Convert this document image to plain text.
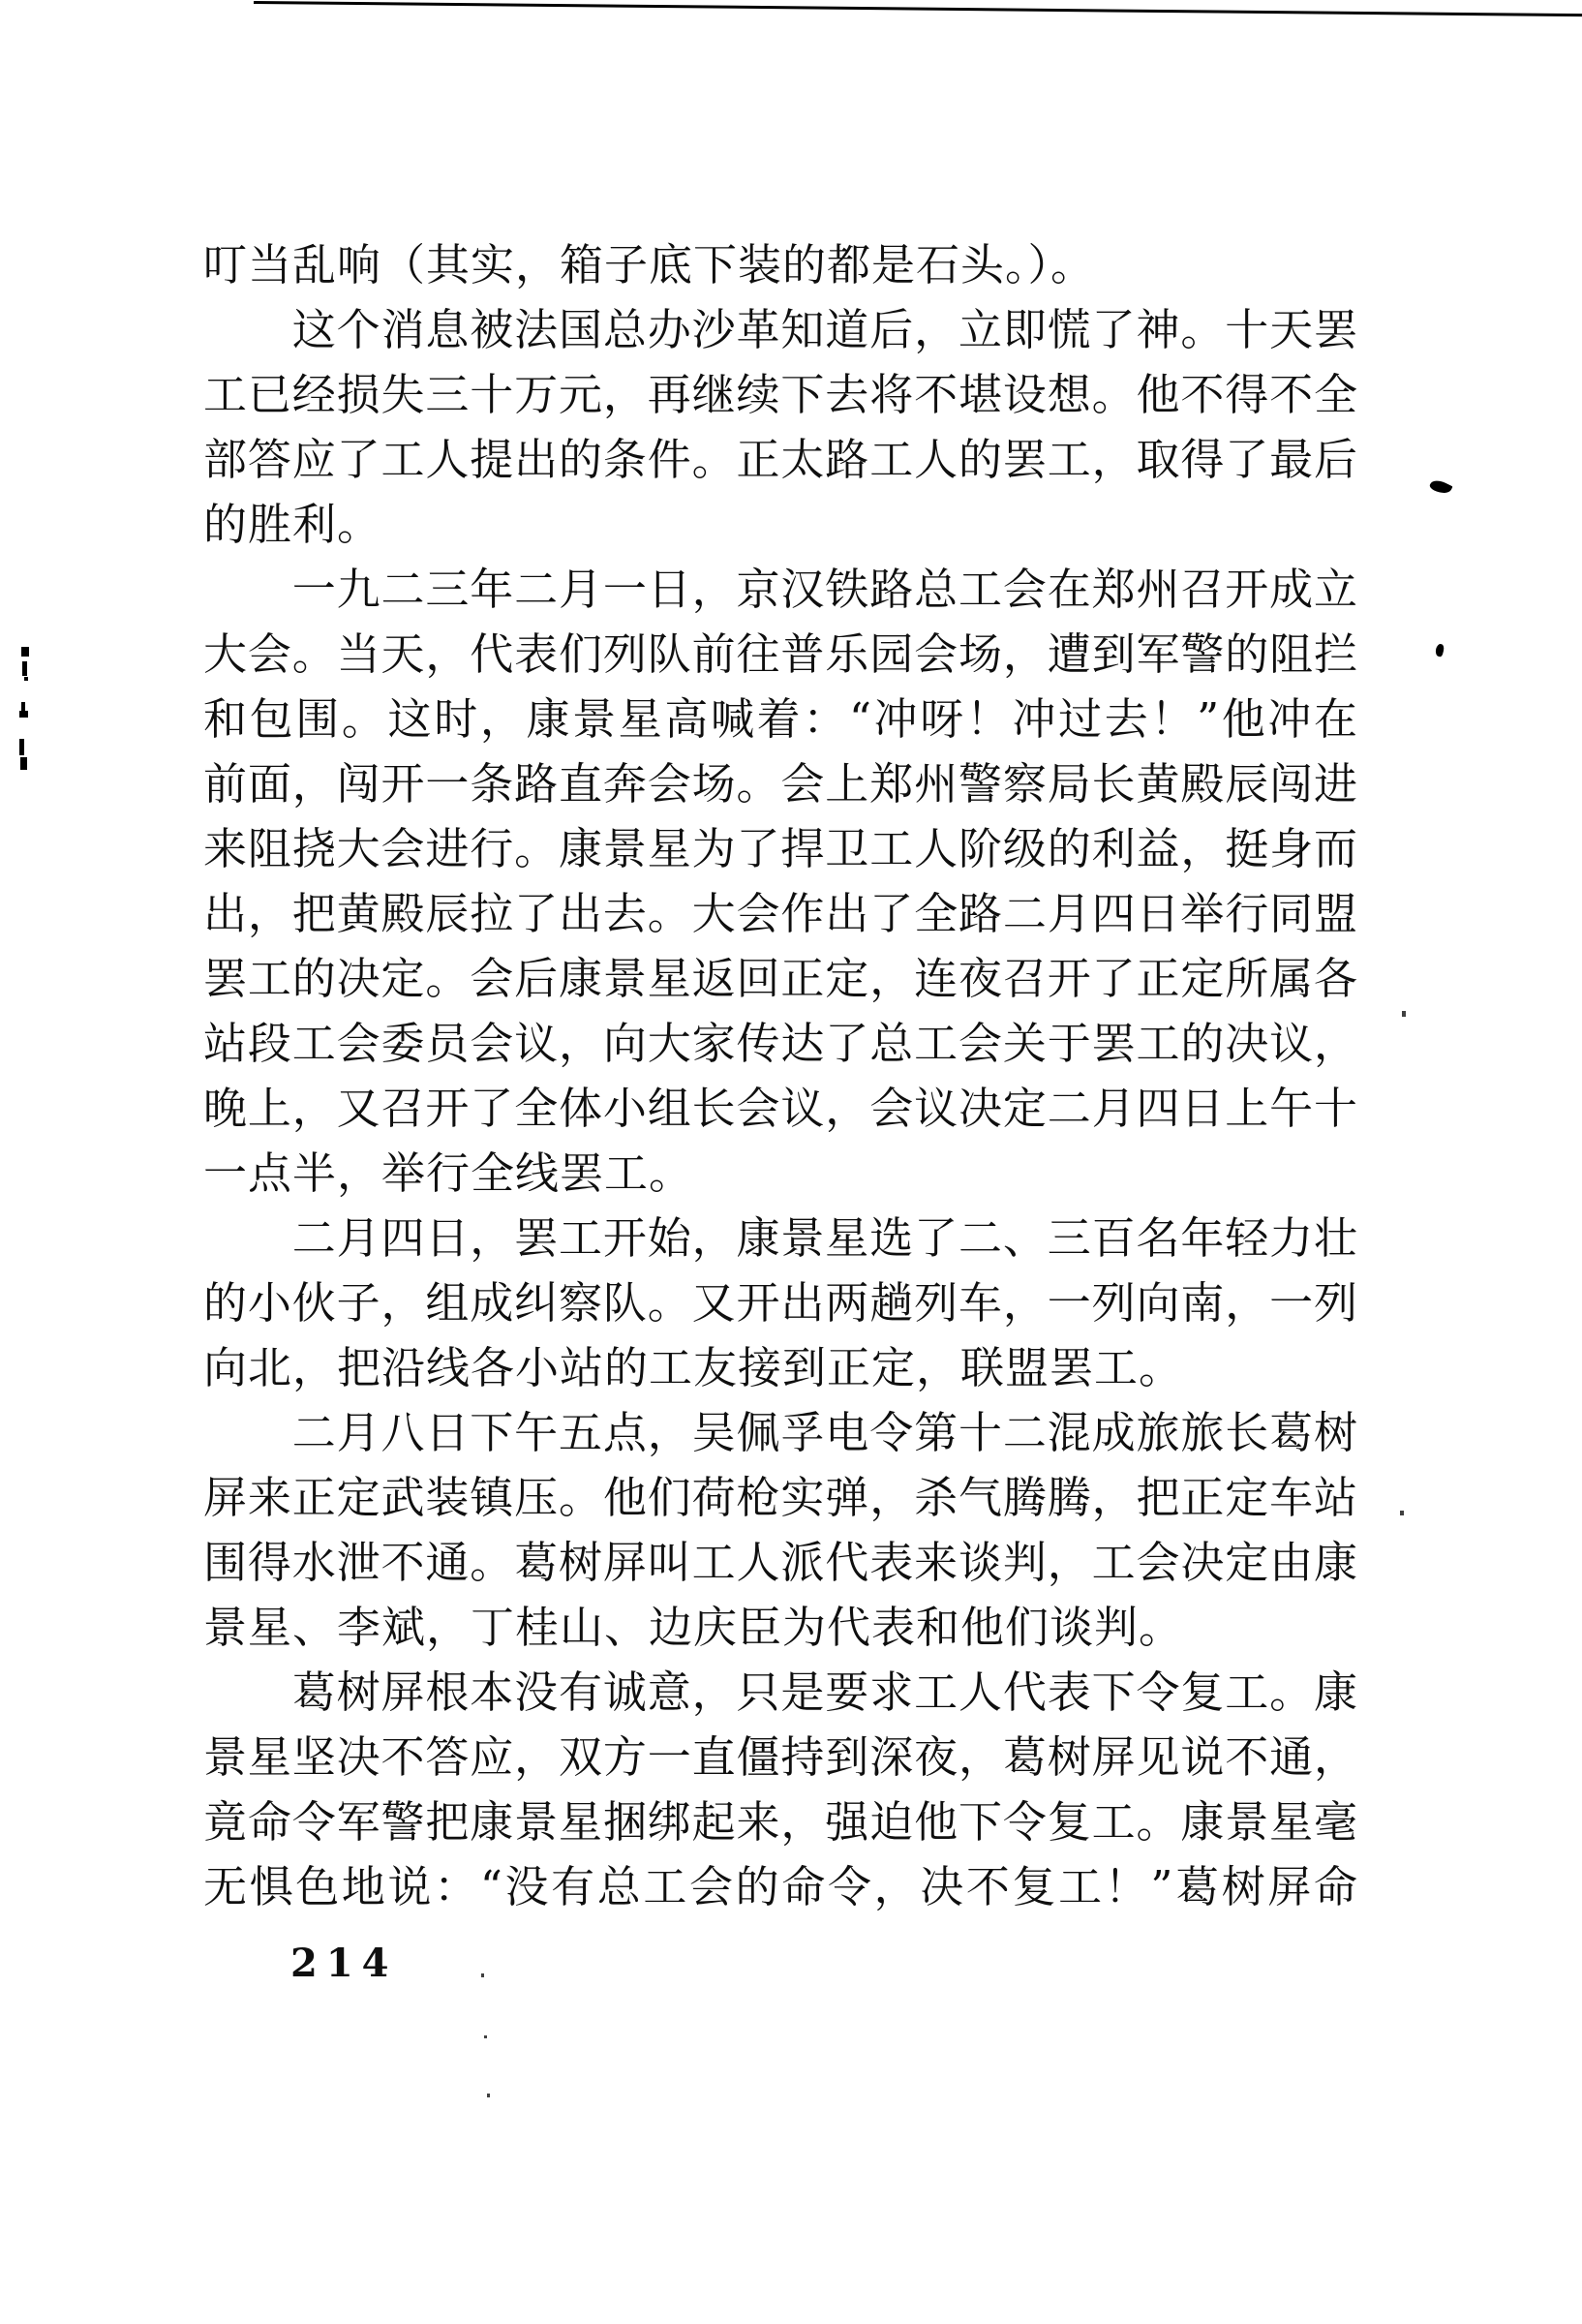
叮当乱响（其实，箱子底下装的都是石头。）。
　　这个消息被法国总办沙革知道后，立即慌了神。十天罢
工已经损失三十万元，再继续下去将不堪设想。他不得不全
部答应了工人提出的条件。正太路工人的罢工，取得了最后
的胜利。
　　一九二三年二月一日，京汉铁路总工会在郑州召开成立
大会。当天，代表们列队前往普乐园会场，遭到军警的阻拦
和包围。这时，康景星高喊着：“冲呀！冲过去！”他冲在
前面，闯开一条路直奔会场。会上郑州警察局长黄殿辰闯进
来阻挠大会进行。康景星为了捍卫工人阶级的利益，挺身而
出，把黄殿辰拉了出去。大会作出了全路二月四日举行同盟
罢工的决定。会后康景星返回正定，连夜召开了正定所属各
站段工会委员会议，向大家传达了总工会关于罢工的决议，
晚上，又召开了全体小组长会议，会议决定二月四日上午十
一点半，举行全线罢工。
　　二月四日，罢工开始，康景星选了二、三百名年轻力壮
的小伙子，组成纠察队。又开出两趟列车，一列向南，一列
向北，把沿线各小站的工友接到正定，联盟罢工。
　　二月八日下午五点，吴佩孚电令第十二混成旅旅长葛树
屏来正定武装镇压。他们荷枪实弹，杀气腾腾，把正定车站
围得水泄不通。葛树屏叫工人派代表来谈判，工会决定由康
景星、李斌，丁桂山、边庆臣为代表和他们谈判。
　　葛树屏根本没有诚意，只是要求工人代表下令复工。康
景星坚决不答应，双方一直僵持到深夜，葛树屏见说不通，
竟命令军警把康景星捆绑起来，强迫他下令复工。康景星毫
无惧色地说：“没有总工会的命令，决不复工！”葛树屏命
214
